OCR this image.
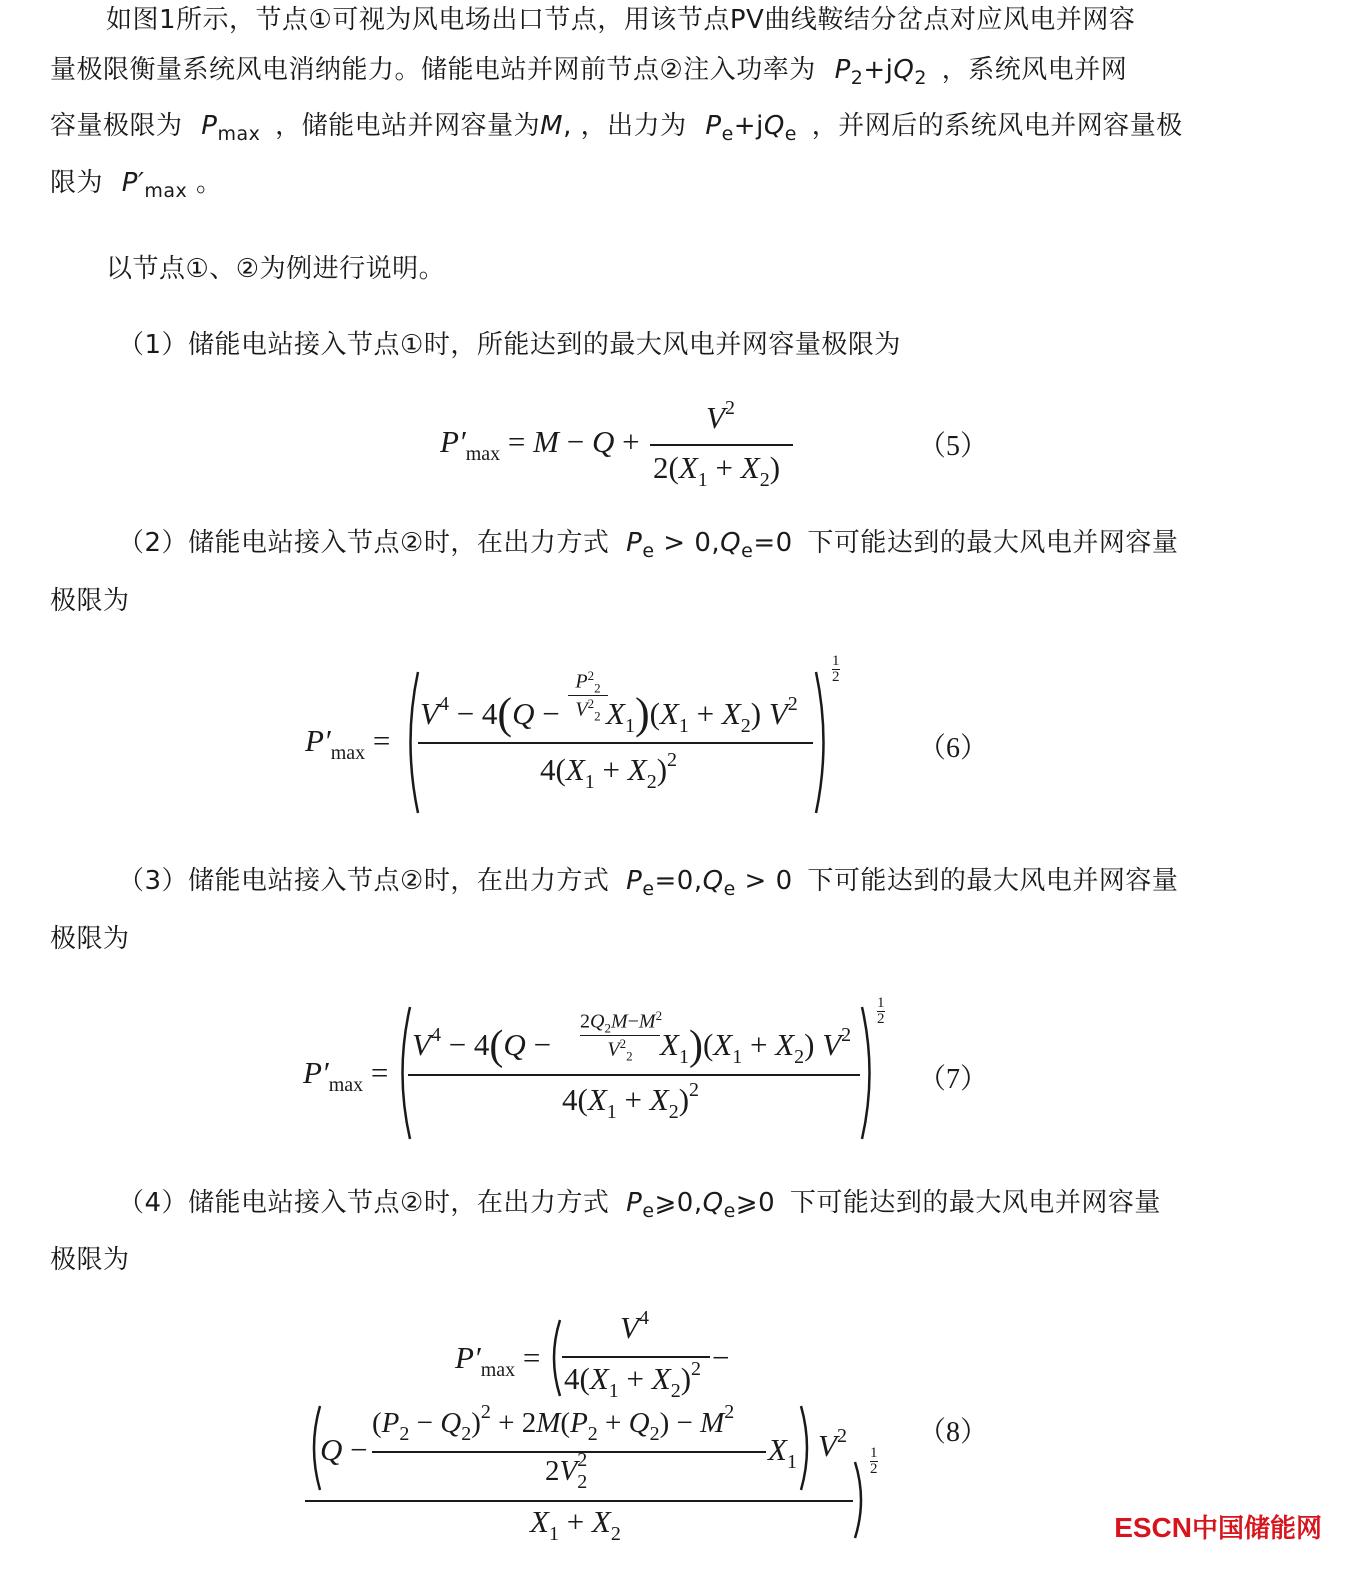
如图1所示，节点①可视为风电场出口节点，用该节点PV曲线鞍结分岔点对应风电并网容
量极限衡量系统风电消纳能力。储能电站并网前节点②注入功率为 $P_2+jQ_2$ ，系统风电并网
容量极限为 $P_{max}$ ，储能电站并网容量为M, ，出力为 $P_e+jQ_e$ ，并网后的系统风电并网容量极
限为 $P'_{max}$ 。
以节点①、②为例进行说明。
（1）储能电站接入节点①时，所能达到的最大风电并网容量极限为
$P'_{max} = M - Q$ +
$V^2$
$2(X_1 + X_2)$
（5）
（2）储能电站接入节点②时，在出力方式 $P_e > 0,Q_e=0$ 下可能达到的最大风电并网容量
极限为
$P'_{max}$ =
$V^4 - 4(Q$ −
$P^2_2$
$V^2_2$ $X_1)(X_1 + X_2)$ $V^2$
$4(X_1 + X_2)^2$
1
2
（6）
（3）储能电站接入节点②时，在出力方式 $P_e=0,Q_e > 0$ 下可能达到的最大风电并网容量
极限为
$P'_{max}$ =
$V^4 - 4(Q$ −
$2Q_2M-M^2$
$V^2_2$ $X_1)(X_1 + X_2)$ $V^2$
$4(X_1 + X_2)^2$
1
2
（7）
（4）储能电站接入节点②时，在出力方式 $P_e⩾0,Q_e⩾0$ 下可能达到的最大风电并网容量
极限为
$P'_{max}$ =
$V^4$
$4(X_1 + X_2)^2$ −
Q −
$(P_2 - Q_2)^2 + 2M(P_2 + Q_2) - M^2$
$2V^2_2$
$X_1$ $V^2$
$X_1 + X_2$
1
2
（8）
ESCN中国储能网
